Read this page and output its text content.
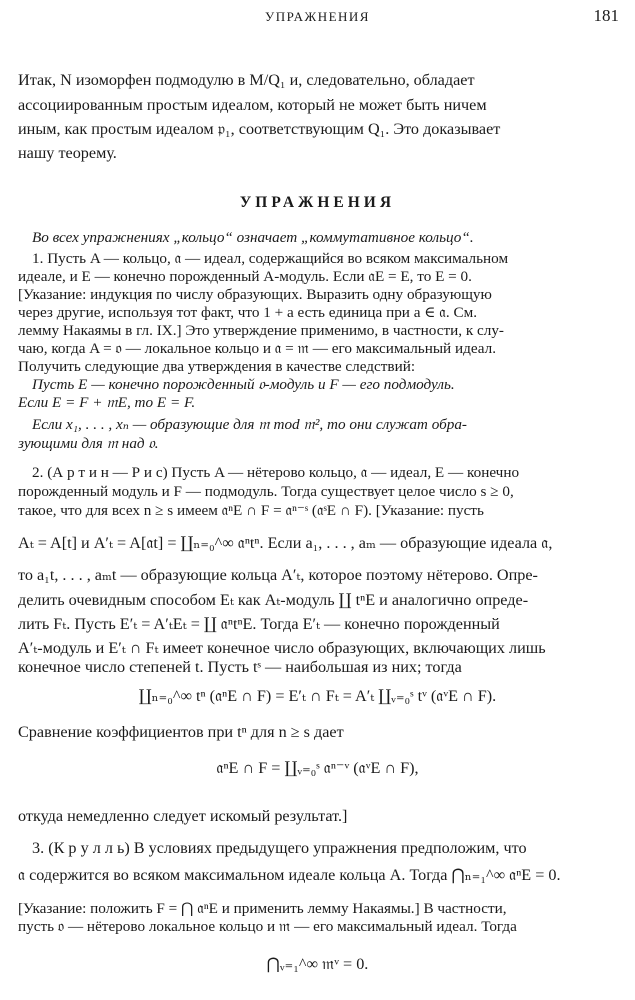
УПРАЖНЕНИЯ	181
Итак, N изоморфен подмодулю в M/Q₁ и, следовательно, обладает
ассоциированным простым идеалом, который не может быть ничем
иным, как простым идеалом 𝔭₁, соответствующим Q₁. Это доказывает
нашу теорему.
УПРАЖНЕНИЯ
Во всех упражнениях „кольцо“ означает „коммутативное кольцо“.
1. Пусть A — кольцо, 𝔞 — идеал, содержащийся во всяком максимальном
идеале, и E — конечно порожденный A-модуль. Если 𝔞E = E, то E = 0.
[Указание: индукция по числу образующих. Выразить одну образующую
через другие, используя тот факт, что 1 + a есть единица при a ∈ 𝔞. См.
лемму Накаямы в гл. IX.] Это утверждение применимо, в частности, к слу-
чаю, когда A = 𝔬 — локальное кольцо и 𝔞 = 𝔪 — его максимальный идеал.
Получить следующие два утверждения в качестве следствий:
Пусть E — конечно порожденный 𝔬-модуль и F — его подмодуль.
Если E = F + 𝔪E, то E = F.
Если x₁, . . . , xₙ — образующие для 𝔪 mod 𝔪², то они служат обра-
зующими для 𝔪 над 𝔬.
2. (А р т и н — Р и с) Пусть A — нётерово кольцо, 𝔞 — идеал, E — конечно
порожденный модуль и F — подмодуль. Тогда существует целое число s ≥ 0,
такое, что для всех n ≥ s имеем 𝔞ⁿE ∩ F = 𝔞ⁿ⁻ˢ (𝔞ˢE ∩ F). [Указание: пусть
Aₜ = A[t] и A′ₜ = A[𝔞t] = ∐ₙ₌₀^∞ 𝔞ⁿtⁿ. Если a₁, . . . , aₘ — образующие идеала 𝔞,
то a₁t, . . . , aₘt — образующие кольца A′ₜ, которое поэтому нётерово. Опре-
делить очевидным способом Eₜ как Aₜ-модуль ∐ tⁿE и аналогично опреде-
лить Fₜ. Пусть E′ₜ = A′ₜEₜ = ∐ 𝔞ⁿtⁿE. Тогда E′ₜ — конечно порожденный
A′ₜ-модуль и E′ₜ ∩ Fₜ имеет конечное число образующих, включающих лишь
конечное число степеней t. Пусть tˢ — наибольшая из них; тогда
∐ₙ₌₀^∞ tⁿ (𝔞ⁿE ∩ F) = E′ₜ ∩ Fₜ = A′ₜ ∐ᵥ₌₀ˢ tᵛ (𝔞ᵛE ∩ F).
Сравнение коэффициентов при tⁿ для n ≥ s дает
𝔞ⁿE ∩ F = ∐ᵥ₌₀ˢ 𝔞ⁿ⁻ᵛ (𝔞ᵛE ∩ F),
откуда немедленно следует искомый результат.]
3. (К р у л л ь) В условиях предыдущего упражнения предположим, что
𝔞 содержится во всяком максимальном идеале кольца A. Тогда ⋂ₙ₌₁^∞ 𝔞ⁿE = 0.
[Указание: положить F = ⋂ 𝔞ⁿE и применить лемму Накаямы.] В частности,
пусть 𝔬 — нётерово локальное кольцо и 𝔪 — его максимальный идеал. Тогда
⋂ᵥ₌₁^∞ 𝔪ᵛ = 0.
